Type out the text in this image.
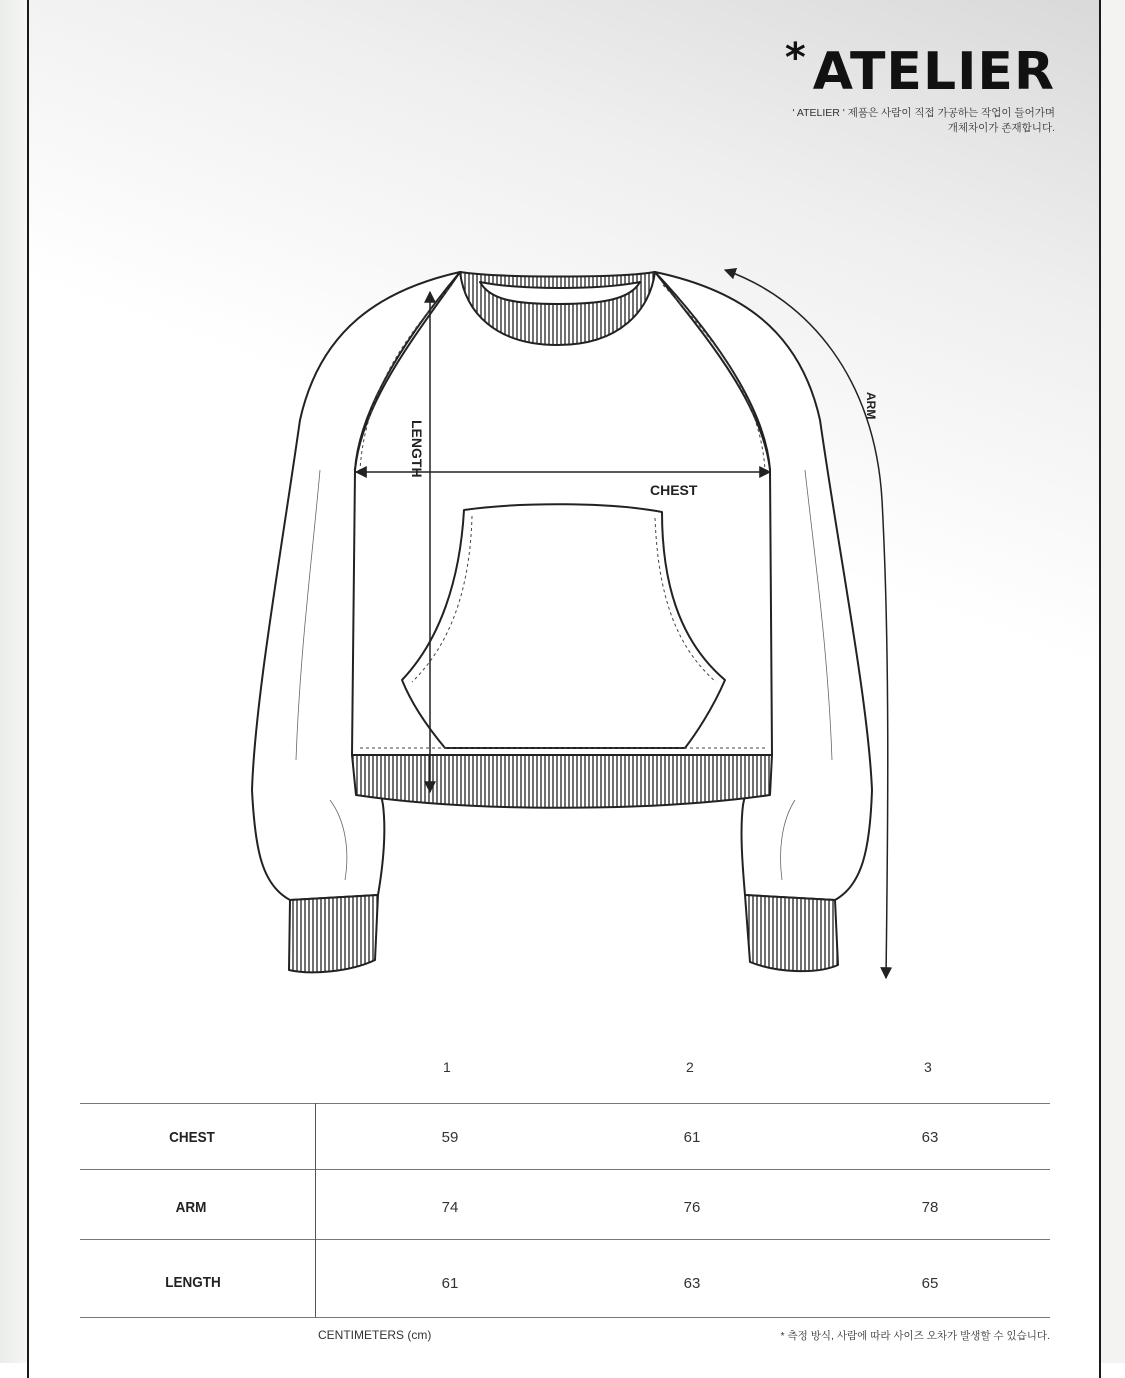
* ATELIER
' ATELIER ' 제품은 사람이 직접 가공하는 작업이 들어가며
개체차이가 존재합니다.
LENGTH
CHEST
ARM
1	2	3
CHEST	59	61	63
ARM	74	76	78
LENGTH	61	63	65
CENTIMETERS (cm)	* 측정 방식, 사람에 따라 사이즈 오차가 발생할 수 있습니다.
